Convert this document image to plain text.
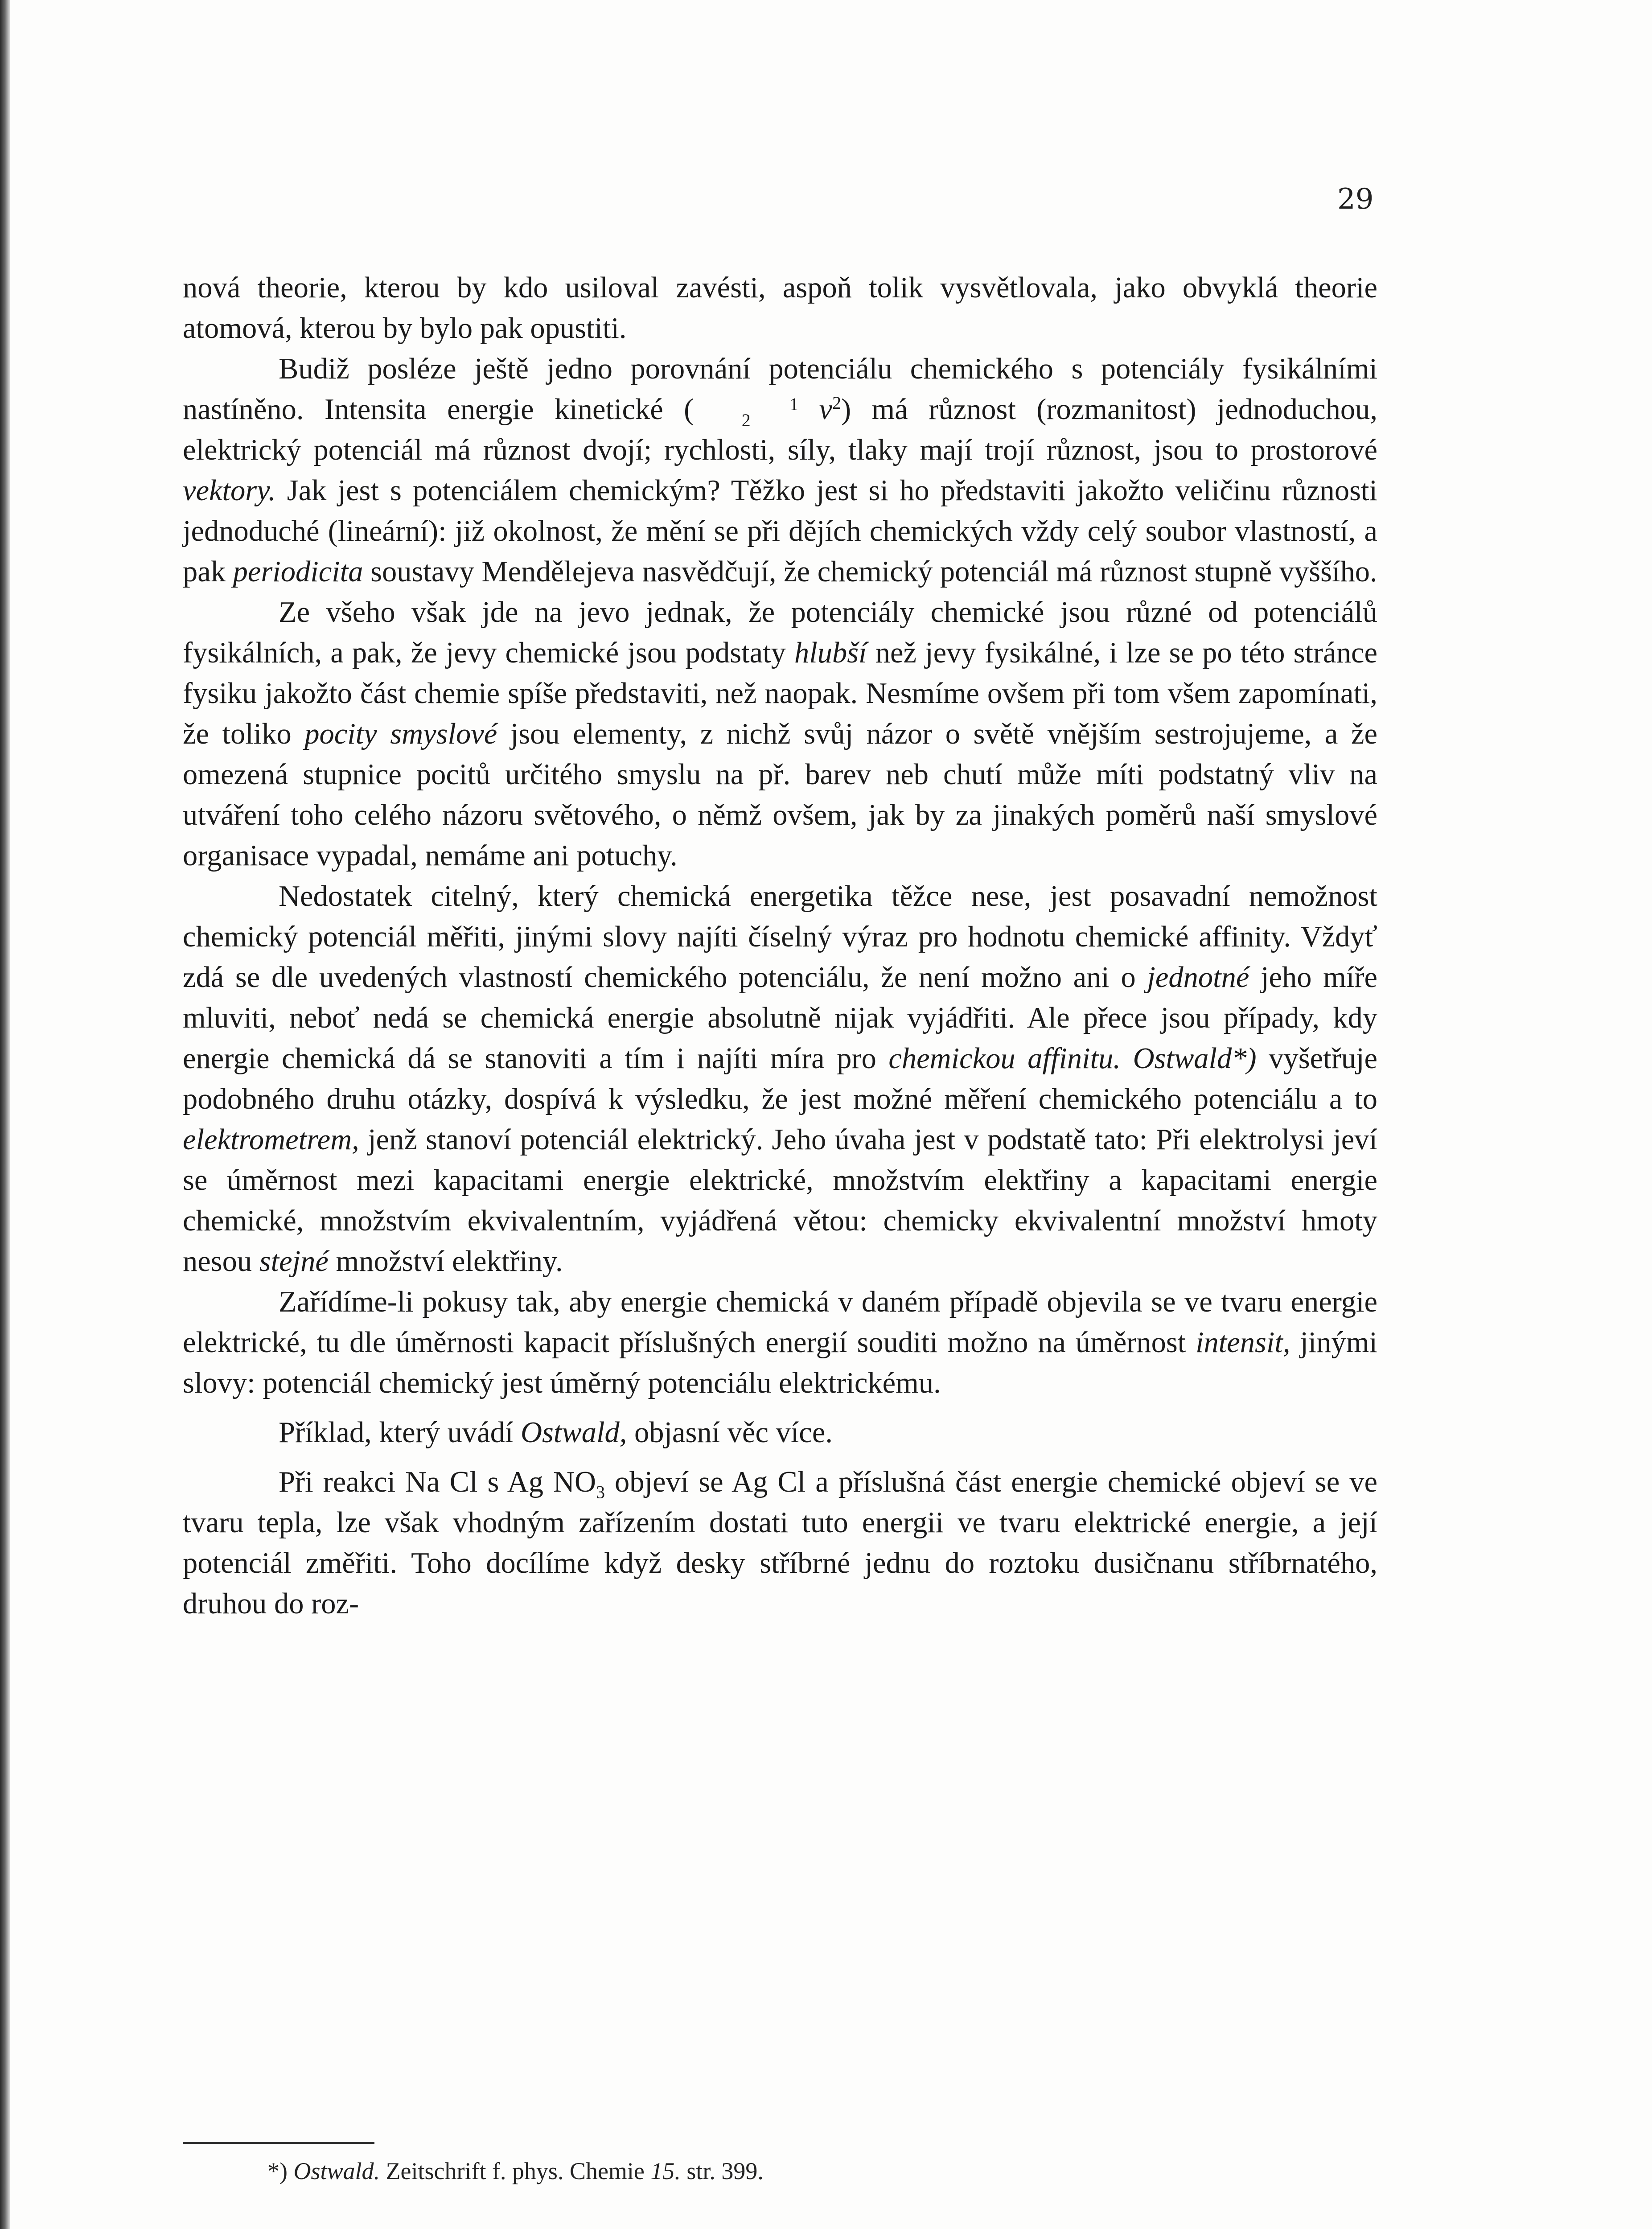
29

nová theorie, kterou by kdo usiloval zavésti, aspoň tolik vysvětlovala, jako obvyklá theorie atomová, kterou by bylo pak opustiti.

Budiž posléze ještě jedno porovnání potenciálu chemického s potenciály fysikálními nastíněno. Intensita energie kinetické (	1
2 $v^2$) má různost (rozmanitost) jednoduchou, elektrický potenciál má různost dvojí; rychlosti, síly, tlaky mají trojí různost, jsou to prostorové vektory. Jak jest s potenciálem chemickým? Těžko jest si ho představiti jakožto veličinu různosti jednoduché (lineární): již okolnost, že mění se při dějích chemických vždy celý soubor vlastností, a pak periodicita soustavy Mendělejeva nasvědčují, že chemický potenciál má různost stupně vyššího.

Ze všeho však jde na jevo jednak, že potenciály chemické jsou různé od potenciálů fysikálních, a pak, že jevy chemické jsou podstaty hlubší než jevy fysikálné, i lze se po této stránce fysiku jakožto část chemie spíše představiti, než naopak. Nesmíme ovšem při tom všem zapomínati, že toliko pocity smyslové jsou elementy, z nichž svůj názor o světě vnějším sestrojujeme, a že omezená stupnice pocitů určitého smyslu na př. barev neb chutí může míti podstatný vliv na utváření toho celého názoru světového, o němž ovšem, jak by za jinakých poměrů naší smyslové organisace vypadal, nemáme ani potuchy.

Nedostatek citelný, který chemická energetika těžce nese, jest posavadní nemožnost chemický potenciál měřiti, jinými slovy najíti číselný výraz pro hodnotu chemické affinity. Vždyť zdá se dle uvedených vlastností chemického potenciálu, že není možno ani o jednotné jeho míře mluviti, neboť nedá se chemická energie absolutně nijak vyjádřiti. Ale přece jsou případy, kdy energie chemická dá se stanoviti a tím i najíti míra pro chemickou affinitu. Ostwald*) vyšetřuje podobného druhu otázky, dospívá k výsledku, že jest možné měření chemického potenciálu a to elektrometrem, jenž stanoví potenciál elektrický. Jeho úvaha jest v podstatě tato: Při elektrolysi jeví se úměrnost mezi kapacitami energie elektrické, množstvím elektřiny a kapacitami energie chemické, množstvím ekvivalentním, vyjádřená větou: chemicky ekvivalentní množství hmoty nesou stejné množství elektřiny.

Zařídíme-li pokusy tak, aby energie chemická v daném případě objevila se ve tvaru energie elektrické, tu dle úměrnosti kapacit příslušných energií souditi možno na úměrnost intensit, jinými slovy: potenciál chemický jest úměrný potenciálu elektrickému.

Příklad, který uvádí Ostwald, objasní věc více.

Při reakci Na Cl s Ag $NO_3$ objeví se Ag Cl a příslušná část energie chemické objeví se ve tvaru tepla, lze však vhodným zařízením dostati tuto energii ve tvaru elektrické energie, a její potenciál změřiti. Toho docílíme když desky stříbrné jednu do roztoku dusičnanu stříbrnatého, druhou do roz-

*) Ostwald. Zeitschrift f. phys. Chemie 15. str. 399.
